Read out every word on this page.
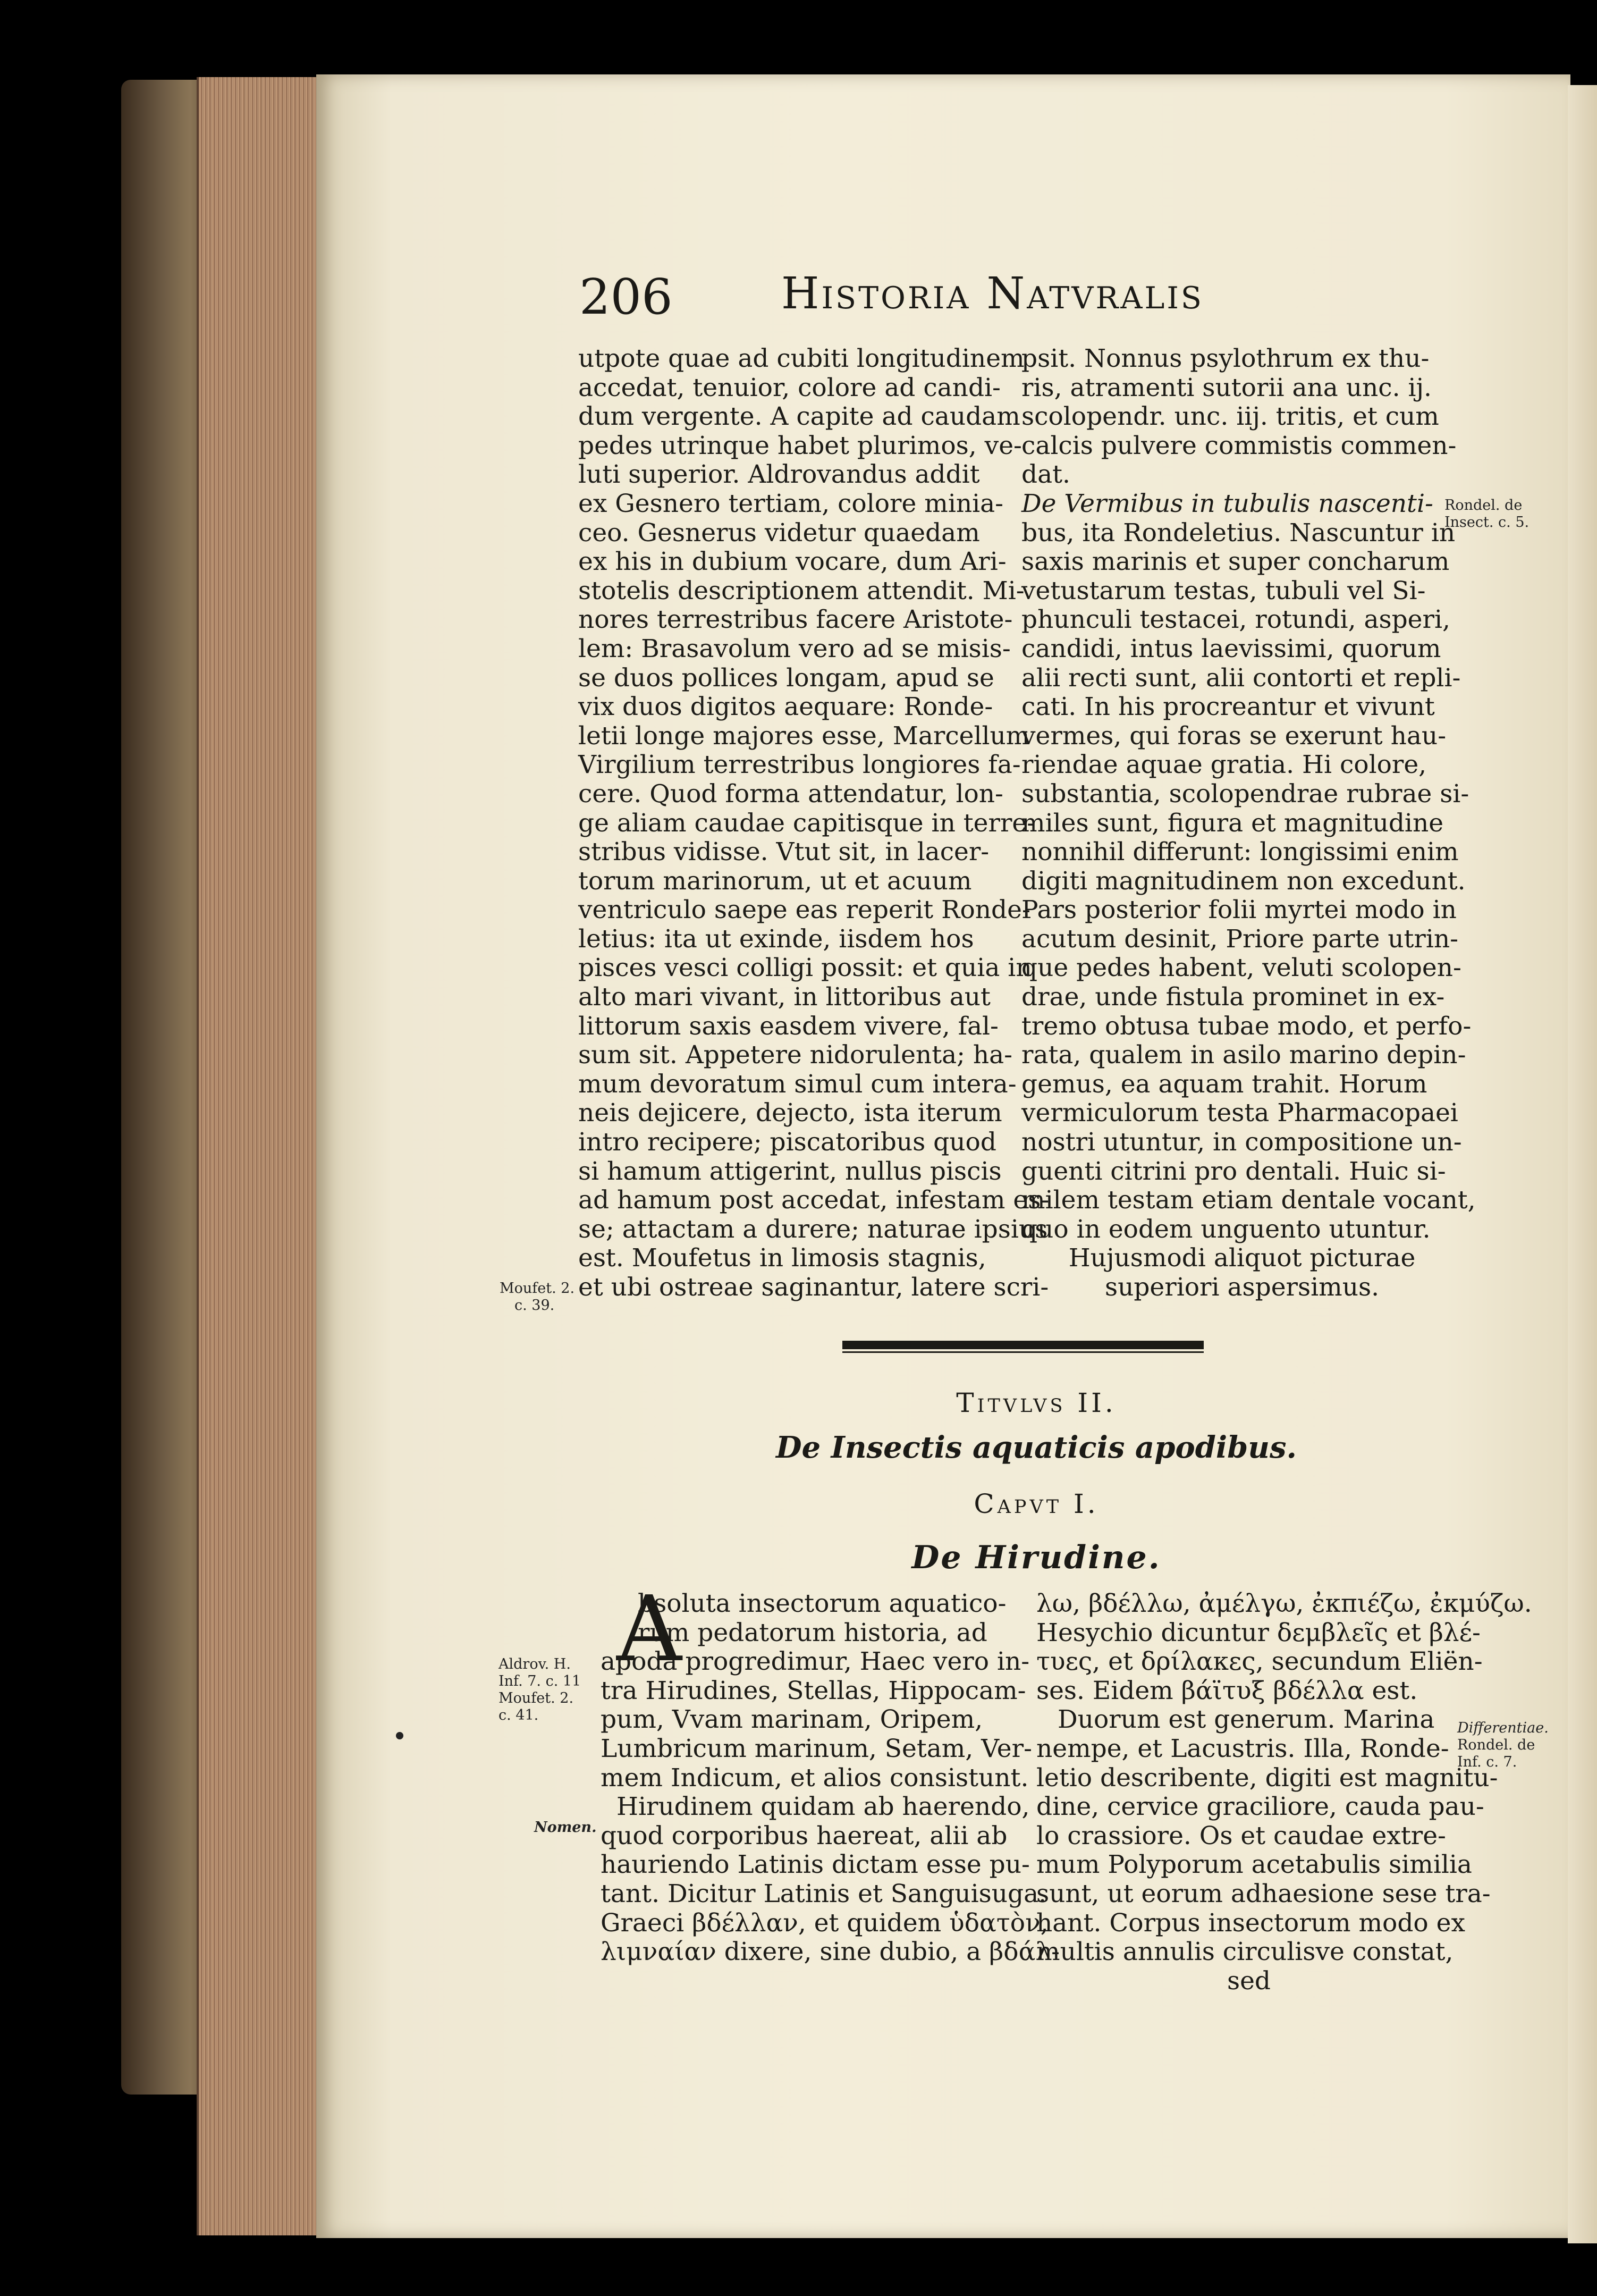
206 Historia Natvralis
utpote quae ad cubiti longitudinem
accedat, tenuior, colore ad candi-
dum vergente. A capite ad caudam
pedes utrinque habet plurimos, ve-
luti superior. Aldrovandus addit
ex Gesnero tertiam, colore minia-
ceo. Gesnerus videtur quaedam
ex his in dubium vocare, dum Ari-
stotelis descriptionem attendit. Mi-
nores terrestribus facere Aristote-
lem: Brasavolum vero ad se misis-
se duos pollices longam, apud se
vix duos digitos aequare: Ronde-
letii longe majores esse, Marcellum
Virgilium terrestribus longiores fa-
cere. Quod forma attendatur, lon-
ge aliam caudae capitisque in terre-
stribus vidisse. Vtut sit, in lacer-
torum marinorum, ut et acuum
ventriculo saepe eas reperit Ronde-
letius: ita ut exinde, iisdem hos
pisces vesci colligi possit: et quia in
alto mari vivant, in littoribus aut
littorum saxis easdem vivere, fal-
sum sit. Appetere nidorulenta; ha-
mum devoratum simul cum intera-
neis dejicere, dejecto, ista iterum
intro recipere; piscatoribus quod
si hamum attigerint, nullus piscis
ad hamum post accedat, infestam es-
se; attactam a durere; naturae ipsius
est. Moufetus in limosis stagnis,
et ubi ostreae saginantur, latere scri-
psit. Nonnus psylothrum ex thu-
ris, atramenti sutorii ana unc. ij.
scolopendr. unc. iij. tritis, et cum
calcis pulvere commistis commen-
dat.
De Vermibus in tubulis nascenti-
bus, ita Rondeletius. Nascuntur in
saxis marinis et super concharum
vetustarum testas, tubuli vel Si-
phunculi testacei, rotundi, asperi,
candidi, intus laevissimi, quorum
alii recti sunt, alii contorti et repli-
cati. In his procreantur et vivunt
vermes, qui foras se exerunt hau-
riendae aquae gratia. Hi colore,
substantia, scolopendrae rubrae si-
miles sunt, figura et magnitudine
nonnihil differunt: longissimi enim
digiti magnitudinem non excedunt.
Pars posterior folii myrtei modo in
acutum desinit, Priore parte utrin-
que pedes habent, veluti scolopen-
drae, unde fistula prominet in ex-
tremo obtusa tubae modo, et perfo-
rata, qualem in asilo marino depin-
gemus, ea aquam trahit. Horum
vermiculorum testa Pharmacopaei
nostri utuntur, in compositione un-
guenti citrini pro dentali. Huic si-
milem testam etiam dentale vocant,
quo in eodem unguento utuntur.
Hujusmodi aliquot picturae
superiori aspersimus.
Moufet. 2.
c. 39.
Rondel. de
Insect. c. 5.
Titvlvs II.
De Insectis aquaticis apodibus.
Capvt I.
De Hirudine.
A
Aldrov. H.
Inf. 7. c. 11
Moufet. 2.
c. 41.
Nomen.
Differentiae.
Rondel. de
Inf. c. 7.
bsoluta insectorum aquatico-
rum pedatorum historia, ad
apoda progredimur, Haec vero in-
tra Hirudines, Stellas, Hippocam-
pum, Vvam marinam, Oripem,
Lumbricum marinum, Setam, Ver-
mem Indicum, et alios consistunt.
Hirudinem quidam ab haerendo,
quod corporibus haereat, alii ab
hauriendo Latinis dictam esse pu-
tant. Dicitur Latinis et Sanguisuga.
Graeci βδέλλαν, et quidem ὑδατὸν,
λιμναίαν dixere, sine dubio, a βδάλ-
λω, βδέλλω, ἀμέλγω, ἐκπιέζω, ἐκμύζω.
Hesychio dicuntur δεμβλεῖς et βλέ-
τυες, et δρίλακες, secundum Eliën-
ses. Eidem βάϊτυξ βδέλλα est.
Duorum est generum. Marina
nempe, et Lacustris. Illa, Ronde-
letio describente, digiti est magnitu-
dine, cervice graciliore, cauda pau-
lo crassiore. Os et caudae extre-
mum Polyporum acetabulis similia
sunt, ut eorum adhaesione sese tra-
hant. Corpus insectorum modo ex
multis annulis circulisve constat,
sed
